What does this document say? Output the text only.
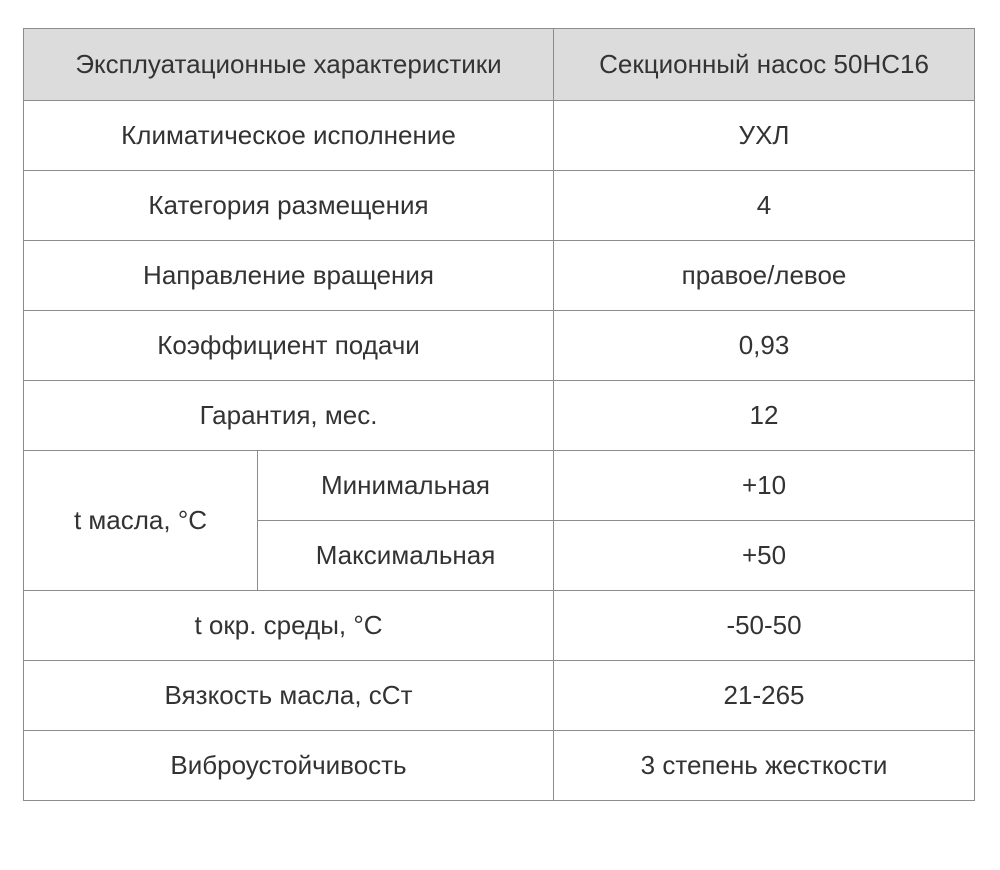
Эксплуатационные характеристики		Секционный насос 50НС16
Климатическое исполнение		УХЛ
Категория размещения		4
Направление вращения		правое/левое
Коэффициент подачи		0,93
Гарантия, мес.		12
t масла, °С	Минимальная	+10
	Максимальная	+50
t окр. среды, °С		-50-50
Вязкость масла, сСт		21-265
Виброустойчивость		3 степень жесткости
